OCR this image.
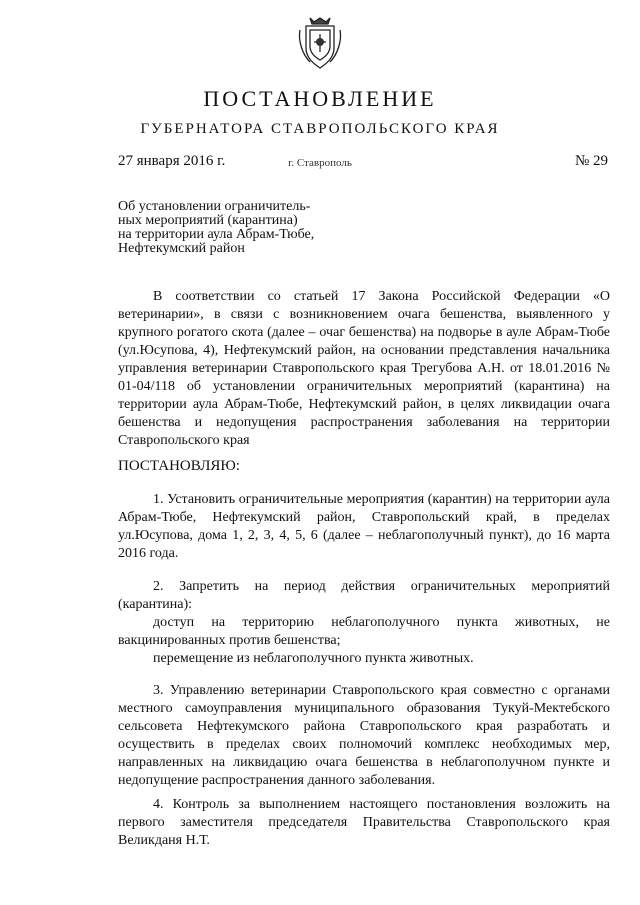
ПОСТАНОВЛЕНИЕ
ГУБЕРНАТОРА СТАВРОПОЛЬСКОГО КРАЯ
27 января 2016 г.	г. Ставрополь	№ 29
Об установлении ограничитель-
ных мероприятий (карантина)
на территории аула Абрам-Тюбе,
Нефтекумский район

В соответствии со статьей 17 Закона Российской Федерации «О ветеринарии», в связи с возникновением очага бешенства, выявленного у крупного рогатого скота (далее – очаг бешенства) на подворье в ауле Абрам-Тюбе (ул.Юсупова, 4), Нефтекумский район, на основании представления начальника управления ветеринарии Ставропольского края Трегубова А.Н. от 18.01.2016 № 01-04/118 об установлении ограничительных мероприятий (карантина) на территории аула Абрам-Тюбе, Нефтекумский район, в целях ликвидации очага бешенства и недопущения распространения заболевания на территории Ставропольского края

ПОСТАНОВЛЯЮ:

1. Установить ограничительные мероприятия (карантин) на территории аула Абрам-Тюбе, Нефтекумский район, Ставропольский край, в пределах ул.Юсупова, дома 1, 2, 3, 4, 5, 6 (далее – неблагополучный пункт), до 16 марта 2016 года.

2. Запретить на период действия ограничительных мероприятий (карантина):

доступ на территорию неблагополучного пункта животных, не вакцинированных против бешенства;

перемещение из неблагополучного пункта животных.

3. Управлению ветеринарии Ставропольского края совместно с органами местного самоуправления муниципального образования Тукуй-Мектебского сельсовета Нефтекумского района Ставропольского края разработать и осуществить в пределах своих полномочий комплекс необходимых мер, направленных на ликвидацию очага бешенства в неблагополучном пункте и недопущение распространения данного заболевания.

4. Контроль за выполнением настоящего постановления возложить на первого заместителя председателя Правительства Ставропольского края Великданя Н.Т.
